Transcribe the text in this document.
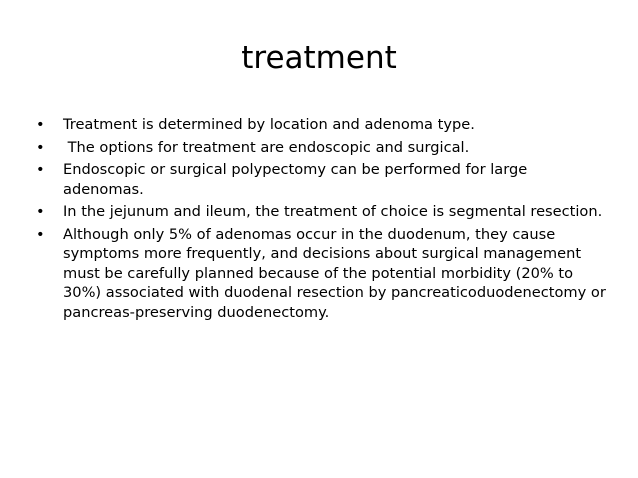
treatment
•	Treatment is determined by location and adenoma type.
•	The options for treatment are endoscopic and surgical.
•	Endoscopic or surgical polypectomy can be performed for large adenomas.
•	In the jejunum and ileum, the treatment of choice is segmental resection.
•	Although only 5% of adenomas occur in the duodenum, they cause symptoms more frequently, and decisions about surgical management must be carefully planned because of the potential morbidity (20% to 30%) associated with duodenal resection by pancreaticoduodenectomy or pancreas-preserving duodenectomy.
